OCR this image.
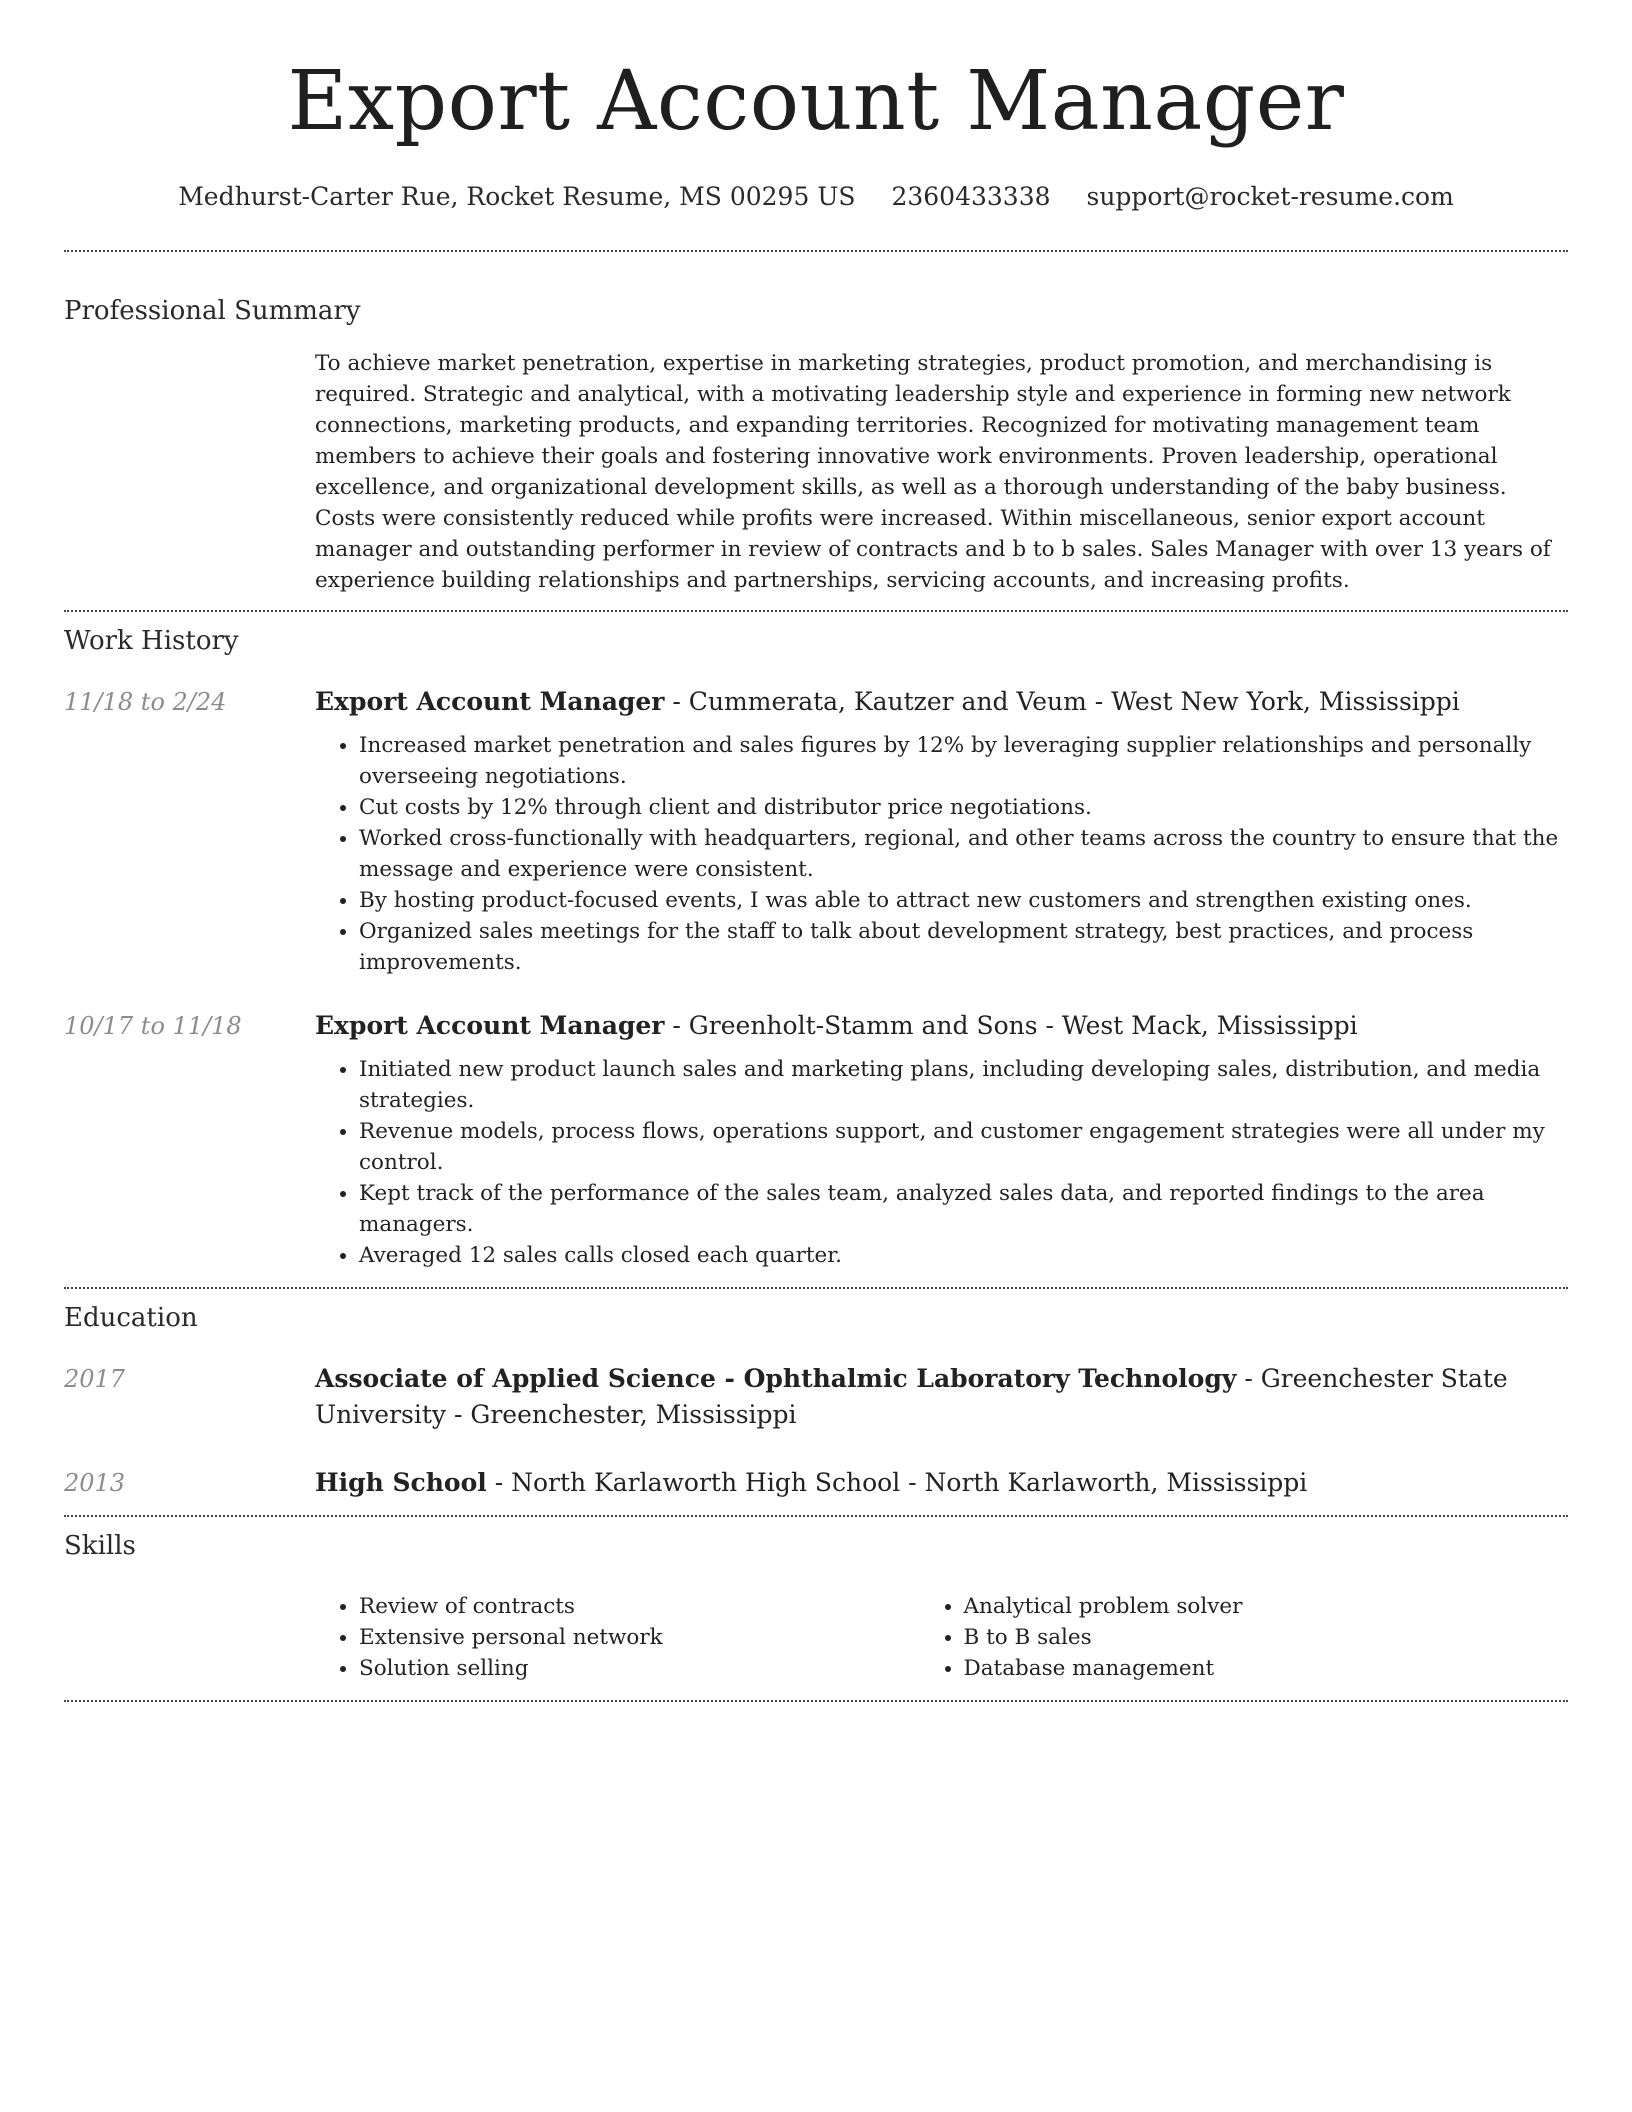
Export Account Manager
Medhurst-Carter Rue, Rocket Resume, MS 00295 US 2360433338 support@rocket-resume.com
Professional Summary

To achieve market penetration, expertise in marketing strategies, product promotion, and merchandising is required. Strategic and analytical, with a motivating leadership style and experience in forming new network connections, marketing products, and expanding territories. Recognized for motivating management team members to achieve their goals and fostering innovative work environments. Proven leadership, operational excellence, and organizational development skills, as well as a thorough understanding of the baby business. Costs were consistently reduced while profits were increased. Within miscellaneous, senior export account manager and outstanding performer in review of contracts and b to b sales. Sales Manager with over 13 years of experience building relationships and partnerships, servicing accounts, and increasing profits.

Work History
11/18 to 2/24	Export Account Manager - Cummerata, Kautzer and Veum - West New York, Mississippi
• Increased market penetration and sales figures by 12% by leveraging supplier relationships and personally overseeing negotiations.
• Cut costs by 12% through client and distributor price negotiations.
• Worked cross-functionally with headquarters, regional, and other teams across the country to ensure that the message and experience were consistent.
• By hosting product-focused events, I was able to attract new customers and strengthen existing ones.
• Organized sales meetings for the staff to talk about development strategy, best practices, and process improvements.
10/17 to 11/18	Export Account Manager - Greenholt-Stamm and Sons - West Mack, Mississippi
• Initiated new product launch sales and marketing plans, including developing sales, distribution, and media strategies.
• Revenue models, process flows, operations support, and customer engagement strategies were all under my control.
• Kept track of the performance of the sales team, analyzed sales data, and reported findings to the area managers.
• Averaged 12 sales calls closed each quarter.
Education
2017	Associate of Applied Science - Ophthalmic Laboratory Technology - Greenchester State University - Greenchester, Mississippi
2013	High School - North Karlaworth High School - North Karlaworth, Mississippi
Skills
• Review of contracts
• Extensive personal network
• Solution selling
• Analytical problem solver
• B to B sales
• Database management
